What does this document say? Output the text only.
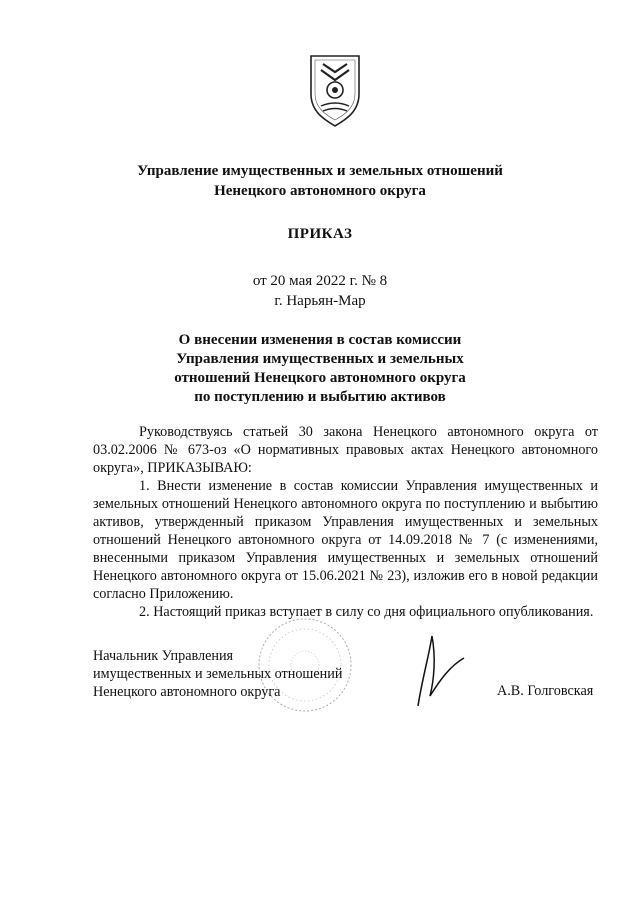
Управление имущественных и земельных отношений
Ненецкого автономного округа
ПРИКАЗ
от 20 мая 2022 г. № 8
г. Нарьян-Мар
О внесении изменения в состав комиссии
Управления имущественных и земельных
отношений Ненецкого автономного округа
по поступлению и выбытию активов

Руководствуясь статьей 30 закона Ненецкого автономного округа от 03.02.2006 № 673-оз «О нормативных правовых актах Ненецкого автономного округа», ПРИКАЗЫВАЮ:

1. Внести изменение в состав комиссии Управления имущественных и земельных отношений Ненецкого автономного округа по поступлению и выбытию активов, утвержденный приказом Управления имущественных и земельных отношений Ненецкого автономного округа от 14.09.2018 № 7 (с изменениями, внесенными приказом Управления имущественных и земельных отношений Ненецкого автономного округа от 15.06.2021 № 23), изложив его в новой редакции согласно Приложению.

2. Настоящий приказ вступает в силу со дня официального опубликования.

Начальник Управления
имущественных и земельных отношений
Ненецкого автономного округа	А.В. Голговская
